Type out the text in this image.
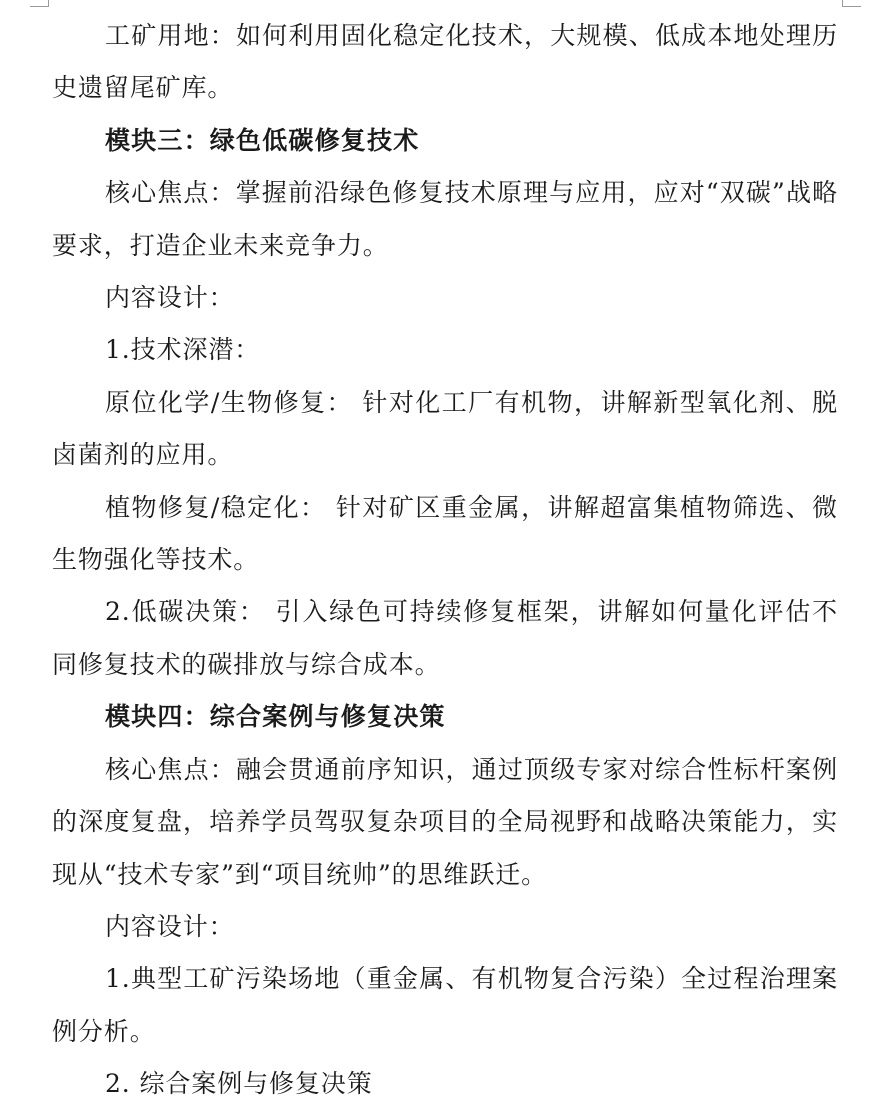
工矿用地：如何利用固化稳定化技术，大规模、低成本地处理历史遗留尾矿库。

模块三：绿色低碳修复技术

核心焦点：掌握前沿绿色修复技术原理与应用，应对“双碳”战略要求，打造企业未来竞争力。

内容设计：

1.技术深潜：

原位化学/生物修复： 针对化工厂有机物，讲解新型氧化剂、脱卤菌剂的应用。

植物修复/稳定化： 针对矿区重金属，讲解超富集植物筛选、微生物强化等技术。

2.低碳决策： 引入绿色可持续修复框架，讲解如何量化评估不同修复技术的碳排放与综合成本。

模块四：综合案例与修复决策

核心焦点：融会贯通前序知识，通过顶级专家对综合性标杆案例的深度复盘，培养学员驾驭复杂项目的全局视野和战略决策能力，实现从“技术专家”到“项目统帅”的思维跃迁。

内容设计：

1.典型工矿污染场地（重金属、有机物复合污染）全过程治理案例分析。

2. 综合案例与修复决策
